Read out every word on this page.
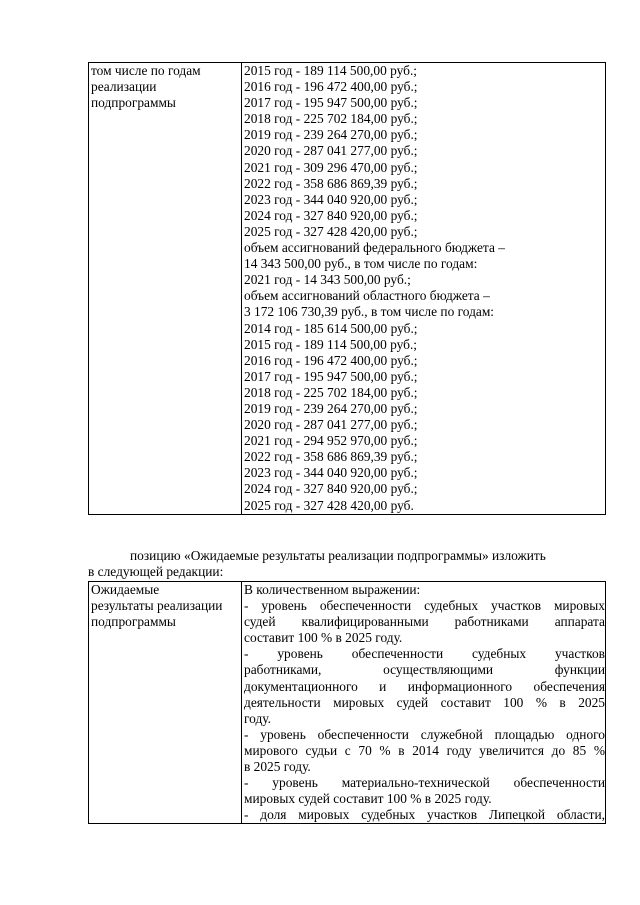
том числе по годам
реализации
подпрограммы

2015 год - 189 114 500,00 руб.;
2016 год - 196 472 400,00 руб.;
2017 год - 195 947 500,00 руб.;
2018 год - 225 702 184,00 руб.;
2019 год - 239 264 270,00 руб.;
2020 год - 287 041 277,00 руб.;
2021 год - 309 296 470,00 руб.;
2022 год - 358 686 869,39 руб.;
2023 год - 344 040 920,00 руб.;
2024 год - 327 840 920,00 руб.;
2025 год - 327 428 420,00 руб.;
объем ассигнований федерального бюджета –
14 343 500,00 руб., в том числе по годам:
2021 год - 14 343 500,00 руб.;
объем ассигнований областного бюджета –
3 172 106 730,39 руб., в том числе по годам:
2014 год - 185 614 500,00 руб.;
2015 год - 189 114 500,00 руб.;
2016 год - 196 472 400,00 руб.;
2017 год - 195 947 500,00 руб.;
2018 год - 225 702 184,00 руб.;
2019 год - 239 264 270,00 руб.;
2020 год - 287 041 277,00 руб.;
2021 год - 294 952 970,00 руб.;
2022 год - 358 686 869,39 руб.;
2023 год - 344 040 920,00 руб.;
2024 год - 327 840 920,00 руб.;
2025 год - 327 428 420,00 руб.
позицию «Ожидаемые результаты реализации подпрограммы» изложить
в следующей редакции:
Ожидаемые
результаты реализации
подпрограммы

В количественном выражении:
- уровень обеспеченности судебных участков мировых
судей квалифицированными работниками аппарата
составит 100 % в 2025 году.
- уровень обеспеченности судебных участков
работниками, осуществляющими функции
документационного и информационного обеспечения
деятельности мировых судей составит 100 % в 2025
году.
- уровень обеспеченности служебной площадью одного
мирового судьи с 70 % в 2014 году увеличится до 85 %
в 2025 году.
- уровень материально-технической обеспеченности
мировых судей составит 100 % в 2025 году.
- доля мировых судебных участков Липецкой области,
